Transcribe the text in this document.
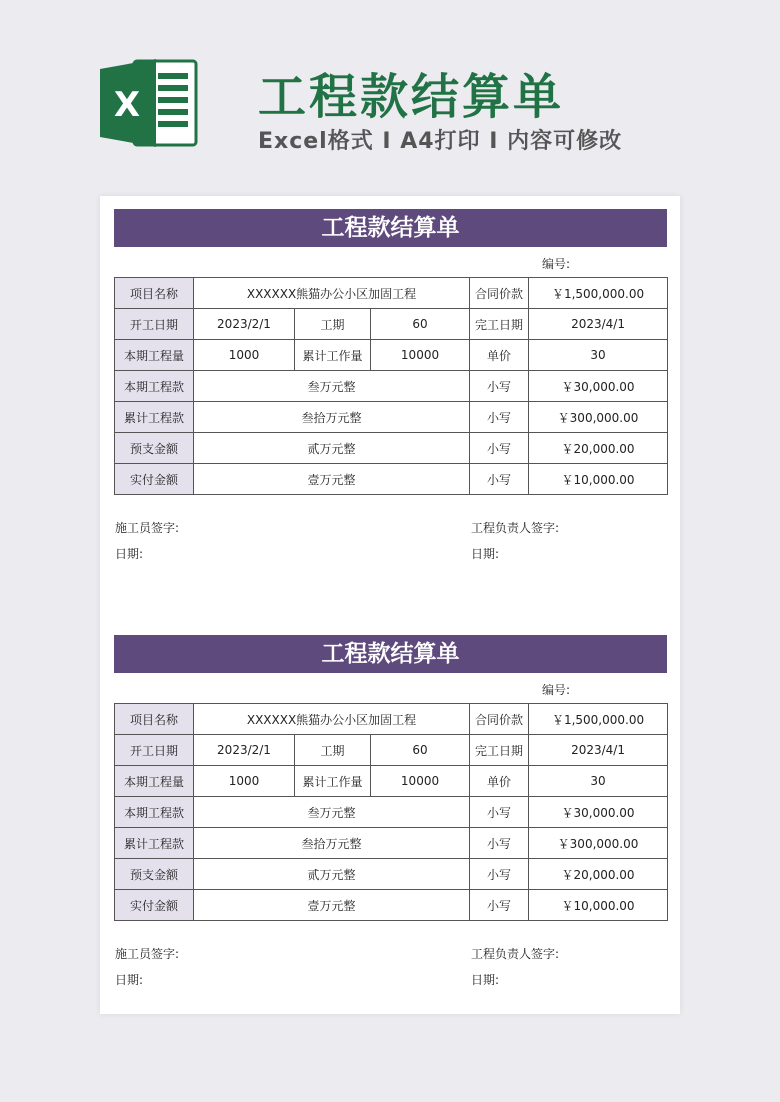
X 工程款结算单
Excel格式 I A4打印 I 内容可修改
工程款结算单
编号:
项目名称	XXXXXX熊猫办公小区加固工程			合同价款	￥1,500,000.00
开工日期	2023/2/1	工期	60	完工日期	2023/4/1
本期工程量	1000	累计工作量	10000	单价	30
本期工程款	叁万元整			小写	￥30,000.00
累计工程款	叁拾万元整			小写	￥300,000.00
预支金额	贰万元整			小写	￥20,000.00
实付金额	壹万元整			小写	￥10,000.00
施工员签字:	工程负责人签字:
日期:	日期:
工程款结算单
编号:
项目名称	XXXXXX熊猫办公小区加固工程			合同价款	￥1,500,000.00
开工日期	2023/2/1	工期	60	完工日期	2023/4/1
本期工程量	1000	累计工作量	10000	单价	30
本期工程款	叁万元整			小写	￥30,000.00
累计工程款	叁拾万元整			小写	￥300,000.00
预支金额	贰万元整			小写	￥20,000.00
实付金额	壹万元整			小写	￥10,000.00
施工员签字:	工程负责人签字:
日期:	日期:
